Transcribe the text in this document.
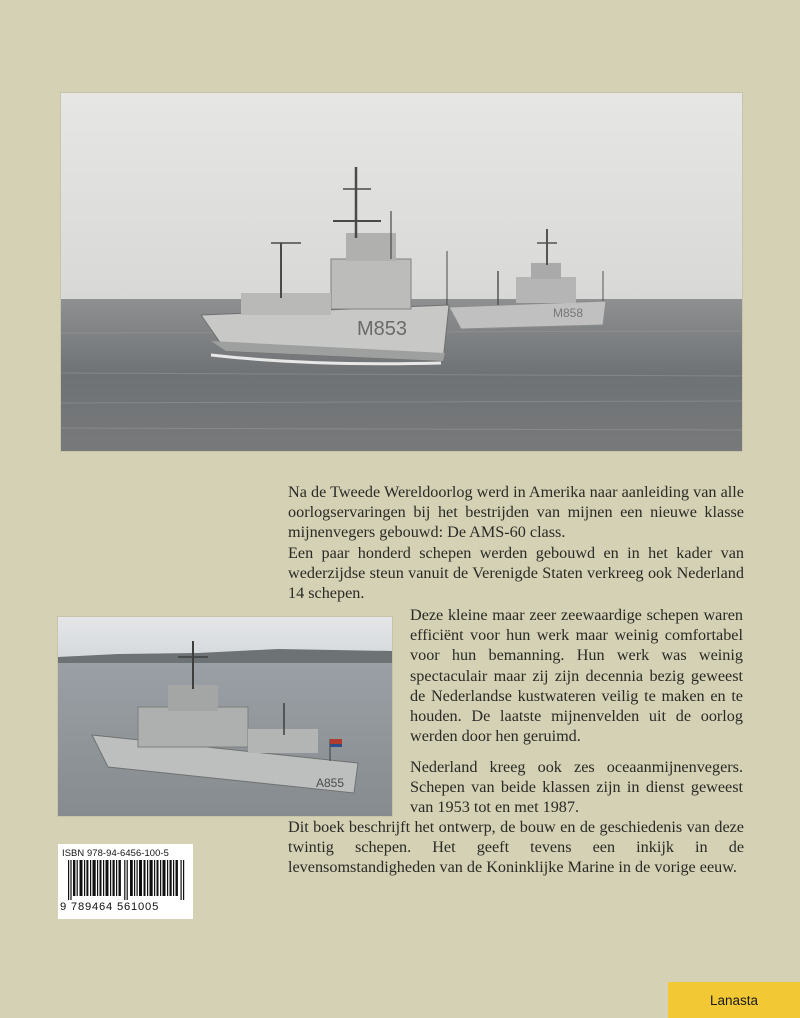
M858
M853
A855

Na de Tweede Wereldoorlog werd in Amerika naar aanleiding van alle oorlogservaringen bij het bestrijden van mijnen een nieuwe klasse mijnenvegers gebouwd: De AMS-60 class.

Een paar honderd schepen werden gebouwd en in het kader van wederzijdse steun vanuit de Verenigde Staten verkreeg ook Nederland 14 schepen.

Deze kleine maar zeer zeewaardige schepen waren efficiënt voor hun werk maar weinig comfortabel voor hun bemanning. Hun werk was weinig spectaculair maar zij zijn decennia bezig geweest de Nederlandse kustwateren veilig te maken en te houden. De laatste mijnenvelden uit de oorlog werden door hen geruimd.

Nederland kreeg ook zes oceaanmijnenvegers. Schepen van beide klassen zijn in dienst geweest van 1953 tot en met 1987.

Dit boek beschrijft het ontwerp, de bouw en de geschiedenis van deze twintig schepen. Het geeft tevens een inkijk in de levensomstandigheden van de Koninklijke Marine in de vorige eeuw.

ISBN 978-94-6456-100-5
9 789464 561005
Lanasta
